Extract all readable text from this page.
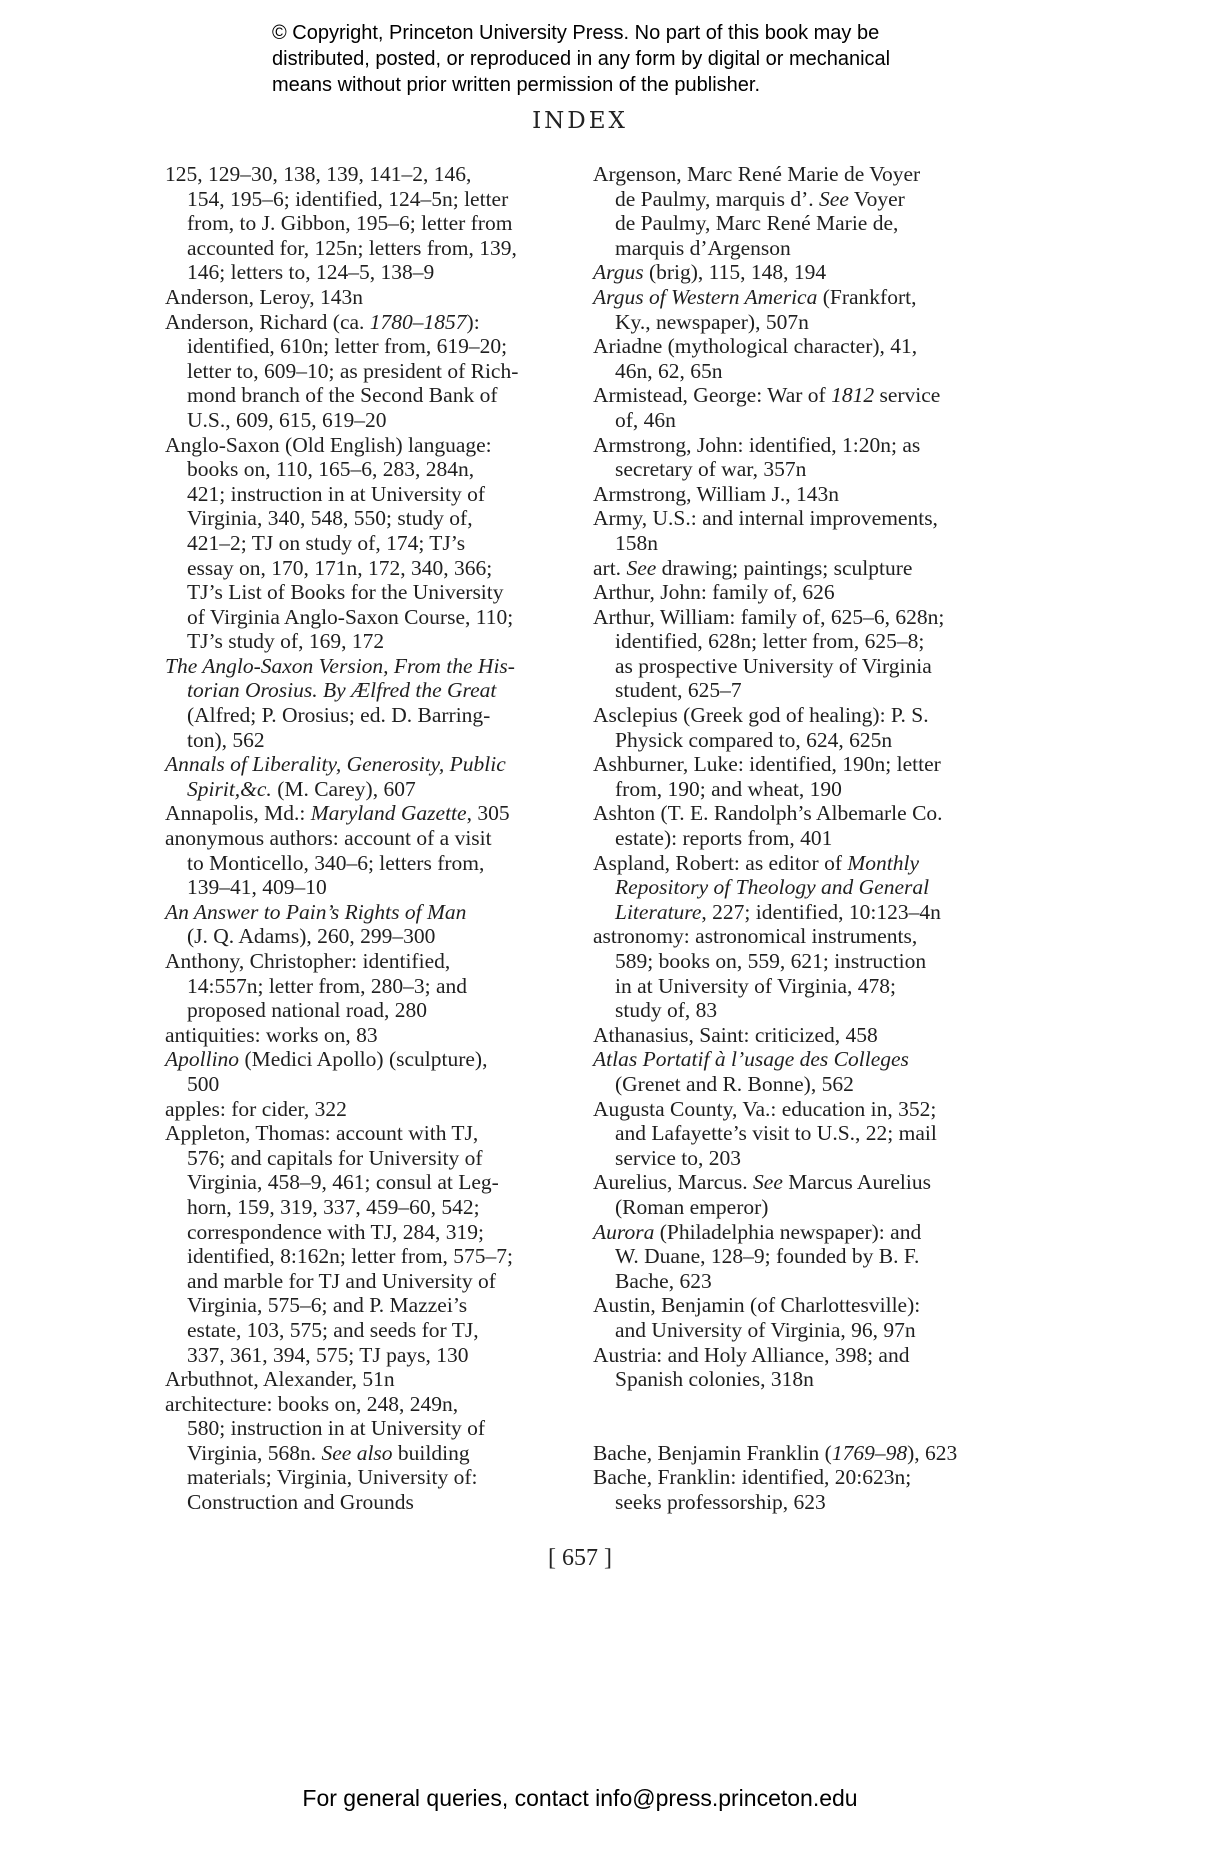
© Copyright, Princeton University Press. No part of this book may be
distributed, posted, or reproduced in any form by digital or mechanical
means without prior written permission of the publisher.
INDEX
125, 129–30, 138, 139, 141–2, 146,
154, 195–6; identified, 124–5n; letter
from, to J. Gibbon, 195–6; letter from
accounted for, 125n; letters from, 139,
146; letters to, 124–5, 138–9
Anderson, Leroy, 143n
Anderson, Richard (ca. 1780–1857):
identified, 610n; letter from, 619–20;
letter to, 609–10; as president of Rich-
mond branch of the Second Bank of
U.S., 609, 615, 619–20
Anglo-Saxon (Old English) language:
books on, 110, 165–6, 283, 284n,
421; instruction in at University of
Virginia, 340, 548, 550; study of,
421–2; TJ on study of, 174; TJ’s
essay on, 170, 171n, 172, 340, 366;
TJ’s List of Books for the University
of Virginia Anglo-Saxon Course, 110;
TJ’s study of, 169, 172
The Anglo-Saxon Version, From the His-
torian Orosius. By Ælfred the Great
(Alfred; P. Orosius; ed. D. Barring-
ton), 562
Annals of Liberality, Generosity, Public
Spirit,&c. (M. Carey), 607
Annapolis, Md.: Maryland Gazette, 305
anonymous authors: account of a visit
to Monticello, 340–6; letters from,
139–41, 409–10
An Answer to Pain’s Rights of Man
(J. Q. Adams), 260, 299–300
Anthony, Christopher: identified,
14:557n; letter from, 280–3; and
proposed national road, 280
antiquities: works on, 83
Apollino (Medici Apollo) (sculpture),
500
apples: for cider, 322
Appleton, Thomas: account with TJ,
576; and capitals for University of
Virginia, 458–9, 461; consul at Leg-
horn, 159, 319, 337, 459–60, 542;
correspondence with TJ, 284, 319;
identified, 8:162n; letter from, 575–7;
and marble for TJ and University of
Virginia, 575–6; and P. Mazzei’s
estate, 103, 575; and seeds for TJ,
337, 361, 394, 575; TJ pays, 130
Arbuthnot, Alexander, 51n
architecture: books on, 248, 249n,
580; instruction in at University of
Virginia, 568n. See also building
materials; Virginia, University of:
Construction and Grounds
Argenson, Marc René Marie de Voyer
de Paulmy, marquis d’. See Voyer
de Paulmy, Marc René Marie de,
marquis d’Argenson
Argus (brig), 115, 148, 194
Argus of Western America (Frankfort,
Ky., newspaper), 507n
Ariadne (mythological character), 41,
46n, 62, 65n
Armistead, George: War of 1812 service
of, 46n
Armstrong, John: identified, 1:20n; as
secretary of war, 357n
Armstrong, William J., 143n
Army, U.S.: and internal improvements,
158n
art. See drawing; paintings; sculpture
Arthur, John: family of, 626
Arthur, William: family of, 625–6, 628n;
identified, 628n; letter from, 625–8;
as prospective University of Virginia
student, 625–7
Asclepius (Greek god of healing): P. S.
Physick compared to, 624, 625n
Ashburner, Luke: identified, 190n; letter
from, 190; and wheat, 190
Ashton (T. E. Randolph’s Albemarle Co.
estate): reports from, 401
Aspland, Robert: as editor of Monthly
Repository of Theology and General
Literature, 227; identified, 10:123–4n
astronomy: astronomical instruments,
589; books on, 559, 621; instruction
in at University of Virginia, 478;
study of, 83
Athanasius, Saint: criticized, 458
Atlas Portatif à l’usage des Colleges
(Grenet and R. Bonne), 562
Augusta County, Va.: education in, 352;
and Lafayette’s visit to U.S., 22; mail
service to, 203
Aurelius, Marcus. See Marcus Aurelius
(Roman emperor)
Aurora (Philadelphia newspaper): and
W. Duane, 128–9; founded by B. F.
Bache, 623
Austin, Benjamin (of Charlottesville):
and University of Virginia, 96, 97n
Austria: and Holy Alliance, 398; and
Spanish colonies, 318n
Bache, Benjamin Franklin (1769–98), 623
Bache, Franklin: identified, 20:623n;
seeks professorship, 623
[ 657 ]
For general queries, contact info@press.princeton.edu
